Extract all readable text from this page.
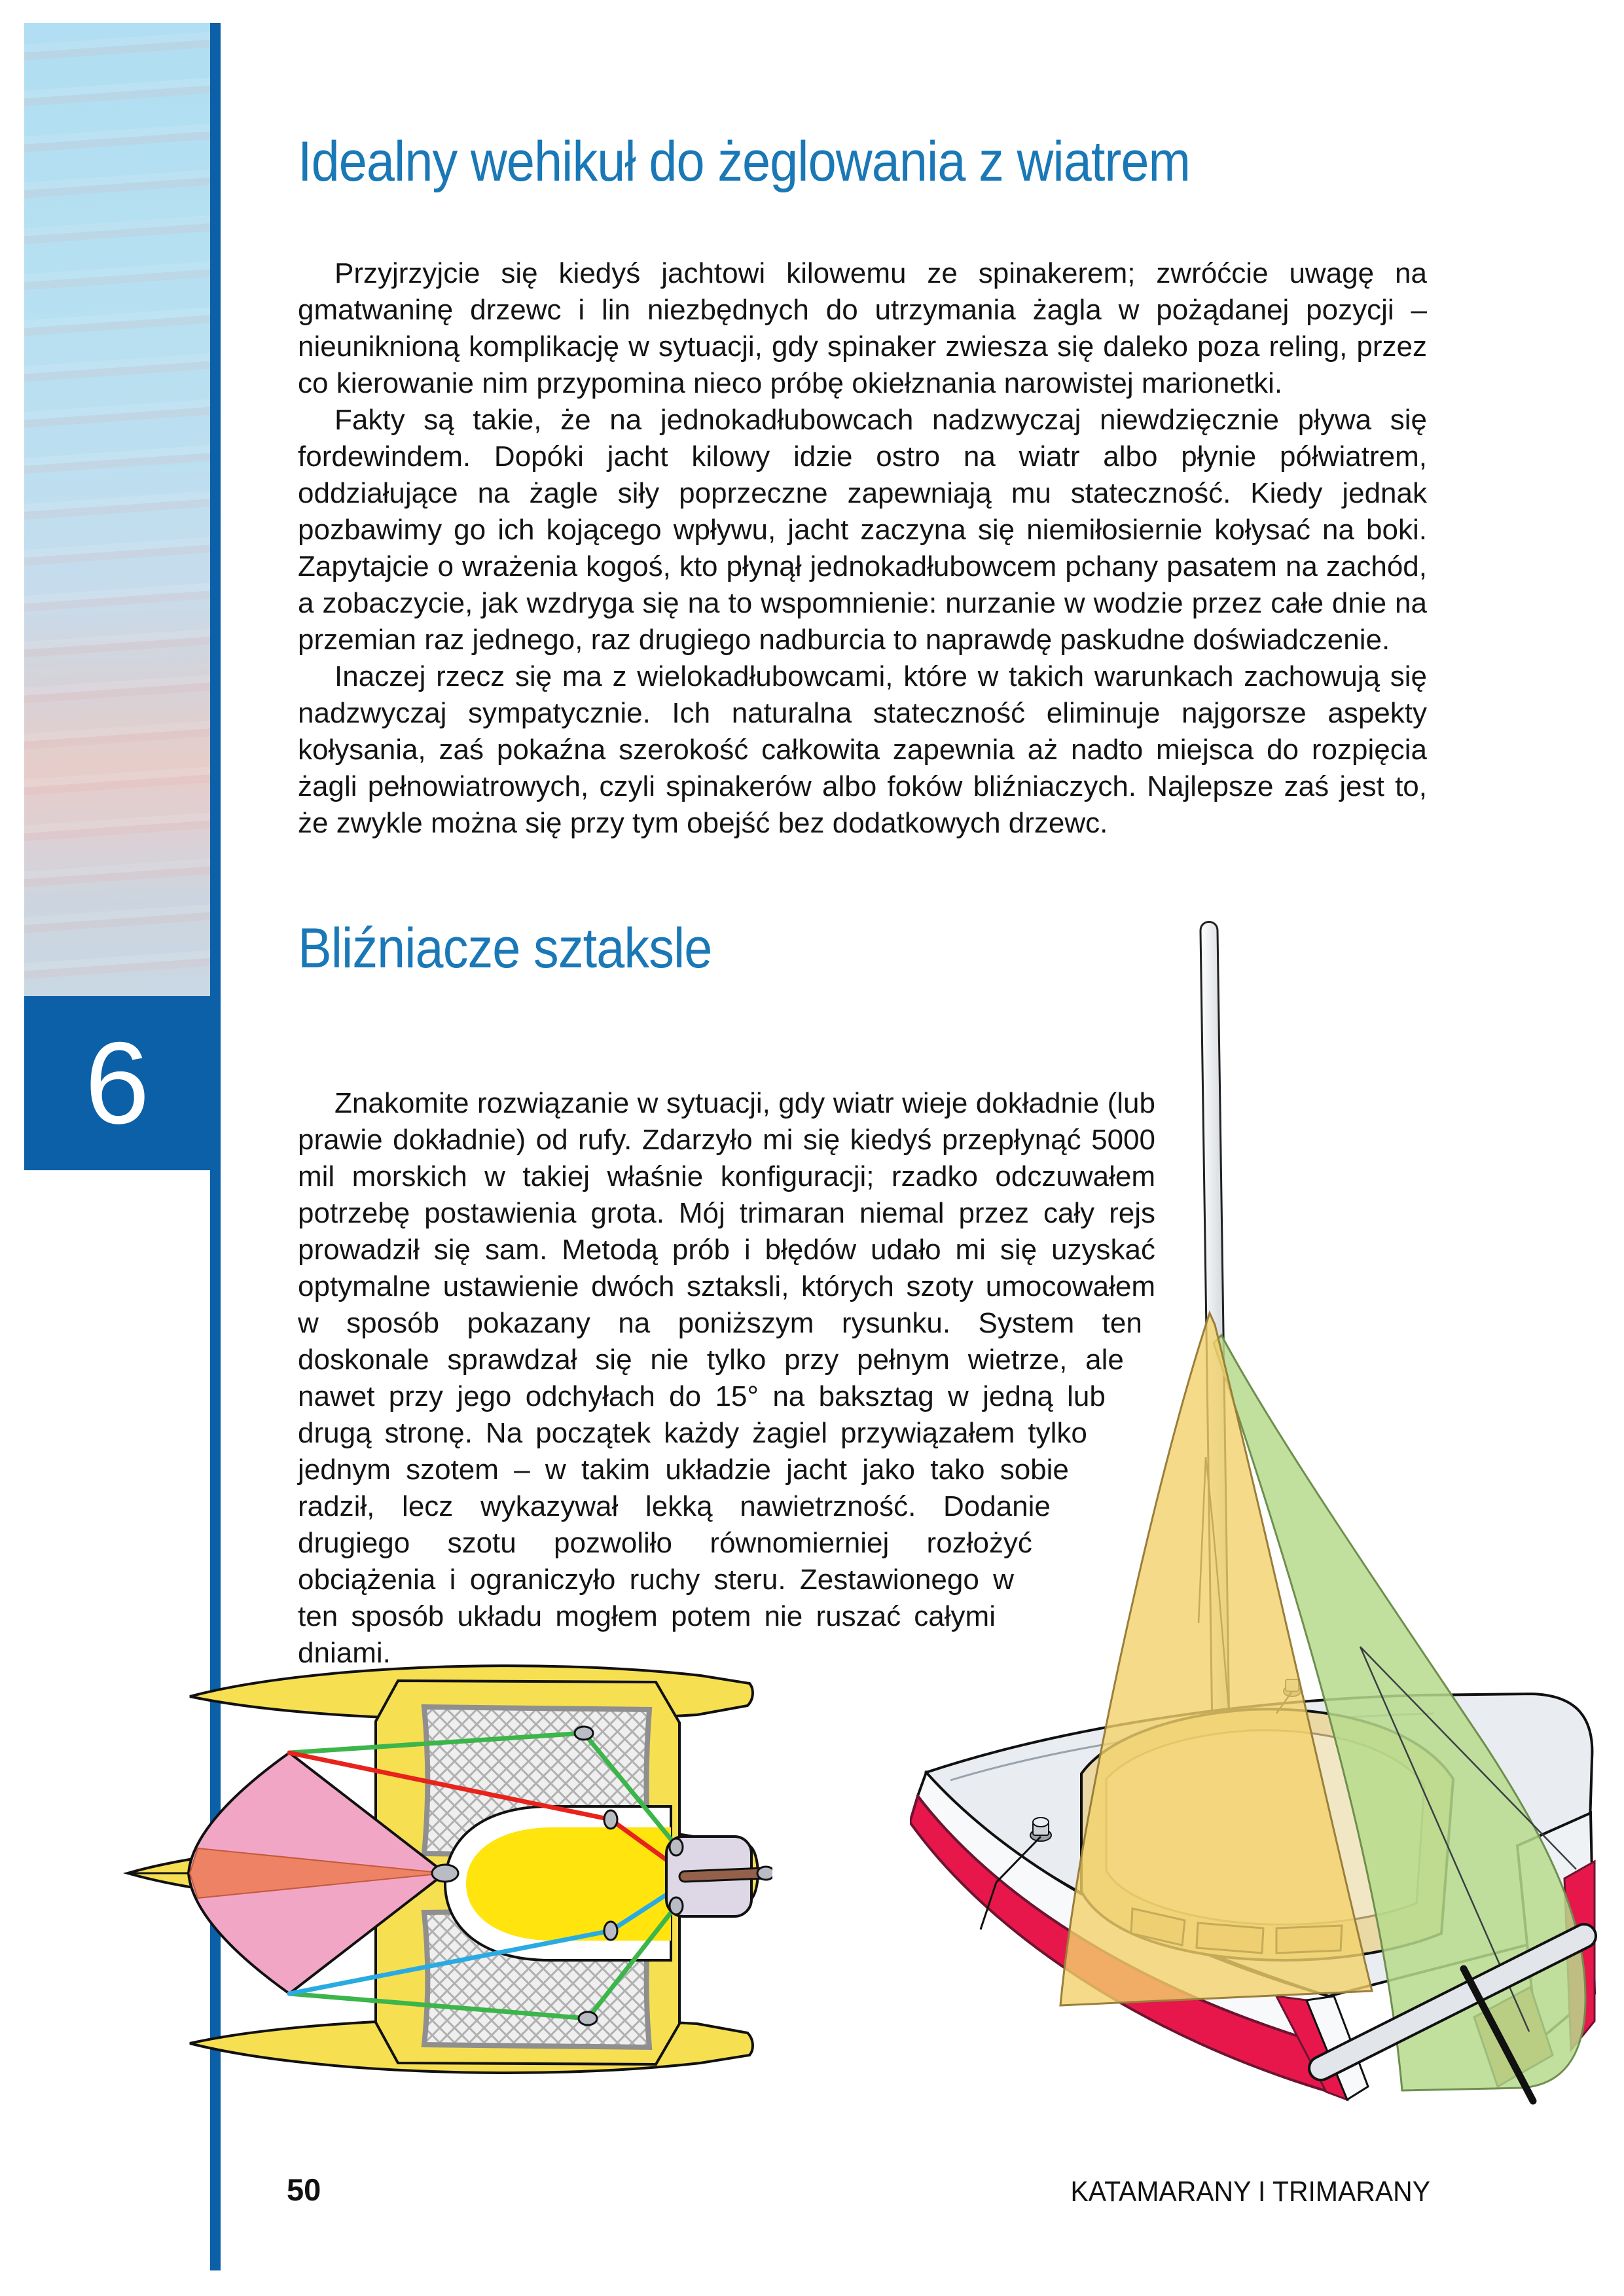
6
Idealny wehikuł do żeglowania z wiatrem

Przyjrzyjcie się kiedyś jachtowi kilowemu ze spinakerem; zwróćcie uwagę na gmatwaninę drzewc i lin niezbędnych do utrzymania żagla w pożądanej pozycji – nieuniknioną komplikację w sytuacji, gdy spinaker zwiesza się daleko poza reling, przez co kierowanie nim przypomina nieco próbę okiełznania narowistej marionetki.

Fakty są takie, że na jednokadłubowcach nadzwyczaj niewdzięcznie pływa się fordewindem. Dopóki jacht kilowy idzie ostro na wiatr albo płynie półwiatrem, oddziałujące na żagle siły poprzeczne zapewniają mu stateczność. Kiedy jednak pozbawimy go ich kojącego wpływu, jacht zaczyna się niemiłosiernie kołysać na boki. Zapytajcie o wrażenia kogoś, kto płynął jednokadłubowcem pchany pasatem na zachód, a zobaczycie, jak wzdryga się na to wspomnienie: nurzanie w wodzie przez całe dnie na przemian raz jednego, raz drugiego nadburcia to naprawdę paskudne doświadczenie.

Inaczej rzecz się ma z wielokadłubowcami, które w takich warunkach zachowują się nadzwyczaj sympatycznie. Ich naturalna stateczność eliminuje najgorsze aspekty kołysania, zaś pokaźna szerokość całkowita zapewnia aż nadto miejsca do rozpięcia żagli pełnowiatrowych, czyli spinakerów albo foków bliźniaczych. Najlepsze zaś jest to, że zwykle można się przy tym obejść bez dodatkowych drzewc.

Bliźniacze sztaksle

Znakomite rozwiązanie w sytuacji, gdy wiatr wieje dokładnie (lub prawie dokładnie) od rufy. Zdarzyło mi się kiedyś przepłynąć 5000 mil morskich w takiej właśnie konfiguracji; rzadko odczuwałem potrzebę postawienia grota. Mój trimaran niemal przez cały rejs prowadził się sam. Metodą prób i błędów udało mi się uzyskać optymalne ustawienie dwóch sztaksli, których szoty umocowałem w sposób pokazany na poniższym rysunku. System ten doskonale sprawdzał się nie tylko przy pełnym wietrze, ale nawet przy jego odchyłach do 15° na baksztag w jedną lub drugą stronę. Na początek każdy żagiel przywiązałem tylko jednym szotem – w takim układzie jacht jako tako sobie radził, lecz wykazywał lekką nawietrzność. Dodanie drugiego szotu pozwoliło równomierniej rozłożyć obciążenia i ograniczyło ruchy steru. Zestawionego w ten sposób układu mogłem potem nie ruszać całymi dniami.

50	KATAMARANY I TRIMARANY
